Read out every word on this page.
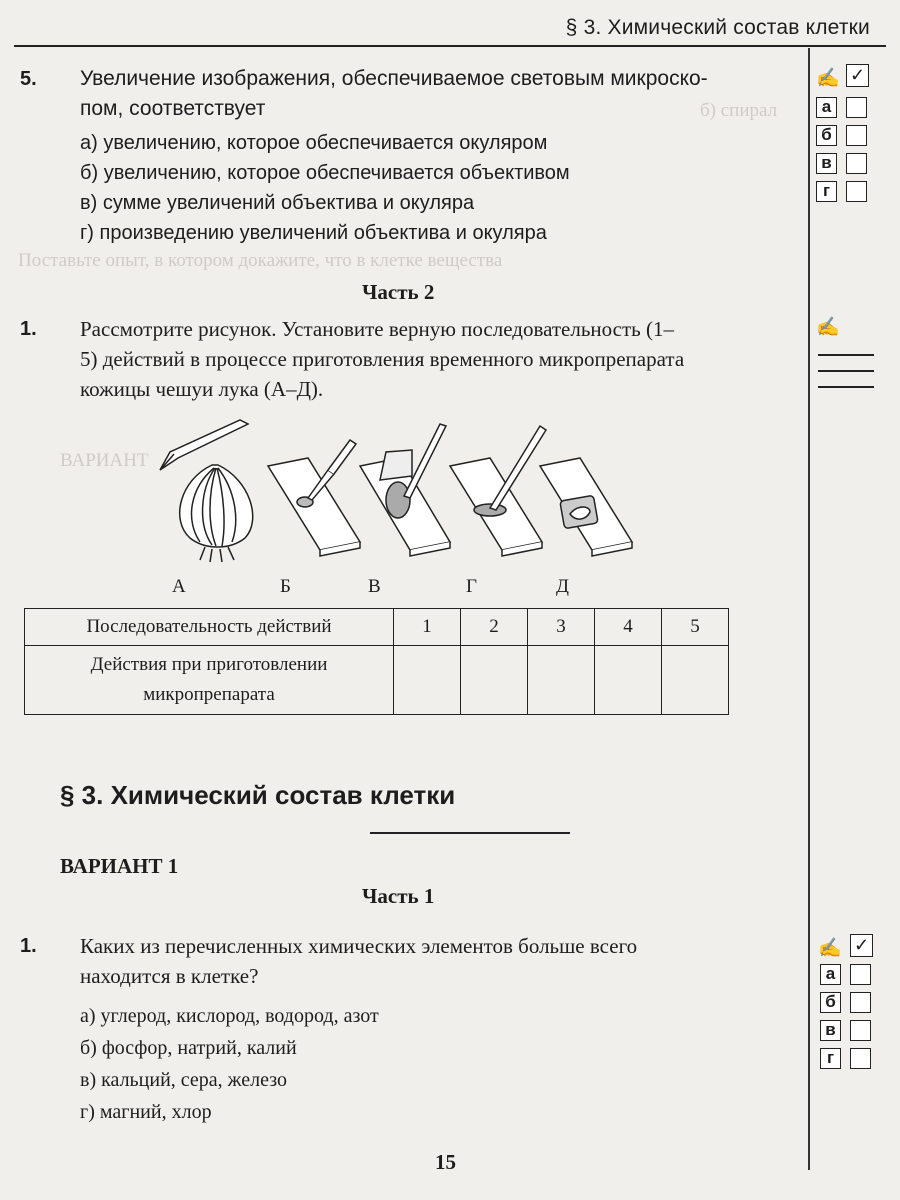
§ 3. Химический состав клетки
б) спирал
Поставьте опыт, в котором докажите, что в клетке вещества
ВАРИАНТ
5. Увеличение изображения, обеспечиваемое световым микроско-
пом, соответствует
а) увеличению, которое обеспечивается окуляром
б) увеличению, которое обеспечивается объективом
в) сумме увеличений объектива и окуляра
г) произведению увеличений объектива и окуляра
✍ ✓
а
б
в
г
Часть 2
1. Рассмотрите рисунок. Установите верную последовательность (1–
5) действий в процессе приготовления временного микропрепарата
кожицы чешуи лука (А–Д).
✍
А	Б	В	Г	Д
Последовательность действий	1	2	3	4	5

Действия при приготовлении
микропрепарата					

§ 3. Химический состав клетки
ВАРИАНТ 1
Часть 1
1. Каких из перечисленных химических элементов больше всего
находится в клетке?
а) углерод, кислород, водород, азот
б) фосфор, натрий, калий
в) кальций, сера, железо
г) магний, хлор
✍ ✓
а
б
в
г
15
